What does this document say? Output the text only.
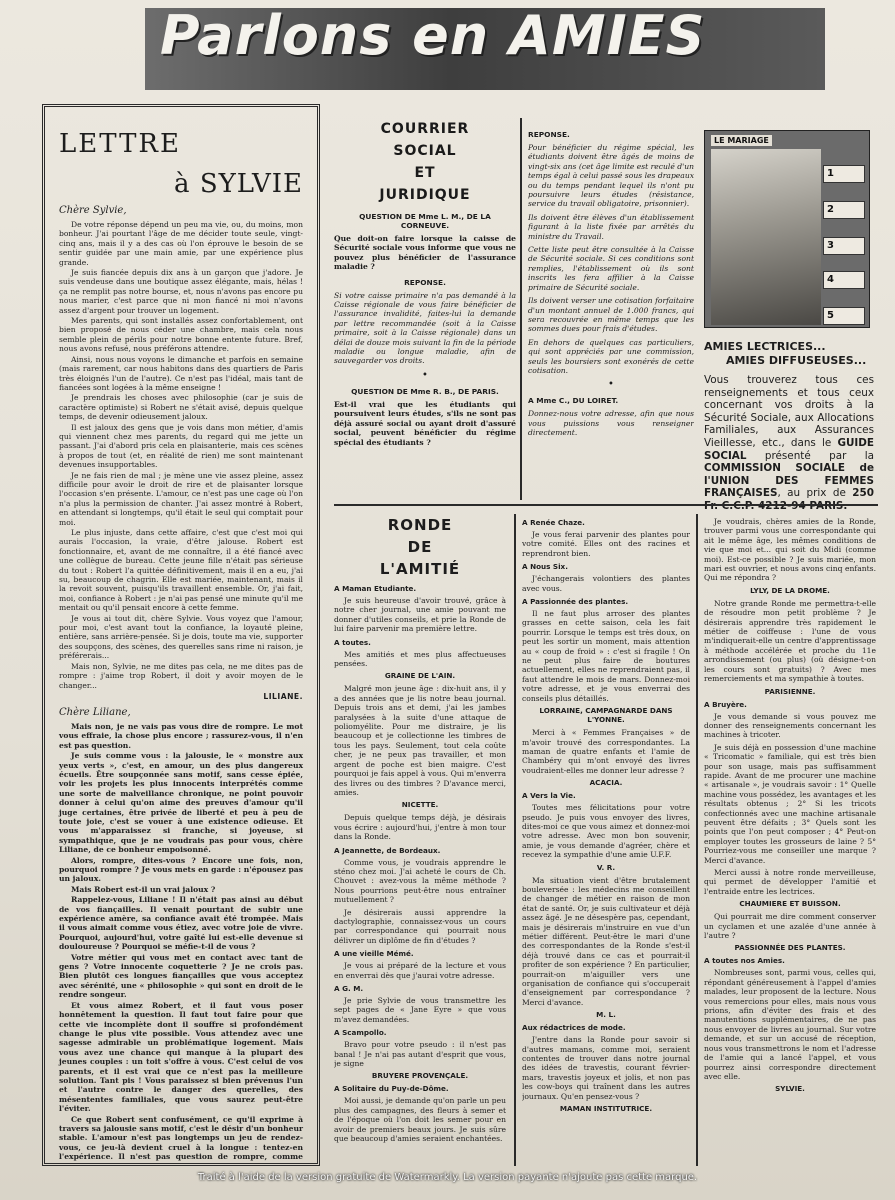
Parlons en AMIES
LETTRE
à SYLVIE
Chère Sylvie,

De votre réponse dépend un peu ma vie, ou, du moins, mon bonheur. J'ai pourtant l'âge de me décider toute seule, vingt-cinq ans, mais il y a des cas où l'on éprouve le besoin de se sentir guidée par une main amie, par une expérience plus grande.

Je suis fiancée depuis dix ans à un garçon que j'adore. Je suis vendeuse dans une boutique assez élégante, mais, hélas ! ça ne remplit pas notre bourse, et, nous n'avons pas encore pu nous marier, c'est parce que ni mon fiancé ni moi n'avons assez d'argent pour trouver un logement.

Mes parents, qui sont installés assez confortablement, ont bien proposé de nous céder une chambre, mais cela nous semble plein de périls pour notre bonne entente future. Bref, nous avons refusé, nous préférons attendre.

Ainsi, nous nous voyons le dimanche et parfois en semaine (mais rarement, car nous habitons dans des quartiers de Paris très éloignés l'un de l'autre). Ce n'est pas l'idéal, mais tant de fiancées sont logées à la même enseigne !

Je prendrais les choses avec philosophie (car je suis de caractère optimiste) si Robert ne s'était avisé, depuis quelque temps, de devenir odieusement jaloux.

Il est jaloux des gens que je vois dans mon métier, d'amis qui viennent chez mes parents, du regard qui me jette un passant. J'ai d'abord pris cela en plaisanterie, mais ces scènes à propos de tout (et, en réalité de rien) me sont maintenant devenues insupportables.

Je ne fais rien de mal ; je mène une vie assez pleine, assez difficile pour avoir le droit de rire et de plaisanter lorsque l'occasion s'en présente. L'amour, ce n'est pas une cage où l'on n'a plus la permission de chanter. J'ai assez montré à Robert, en attendant si longtemps, qu'il était le seul qui comptait pour moi.

Le plus injuste, dans cette affaire, c'est que c'est moi qui aurais l'occasion, la vraie, d'être jalouse. Robert est fonctionnaire, et, avant de me connaître, il a été fiancé avec une collègue de bureau. Cette jeune fille n'était pas sérieuse du tout : Robert l'a quittée définitivement, mais il en a eu, j'ai su, beaucoup de chagrin. Elle est mariée, maintenant, mais il la revoit souvent, puisqu'ils travaillent ensemble. Or, j'ai fait, moi, confiance à Robert : je n'ai pas pensé une minute qu'il me mentait ou qu'il pensait encore à cette femme.

Je vous ai tout dit, chère Sylvie. Vous voyez que l'amour, pour moi, c'est avant tout la confiance, la loyauté pleine, entière, sans arrière-pensée. Si je dois, toute ma vie, supporter des soupçons, des scènes, des querelles sans rime ni raison, je préférerais...

Mais non, Sylvie, ne me dites pas cela, ne me dites pas de rompre : j'aime trop Robert, il doit y avoir moyen de le changer...

LILIANE.
Chère Liliane,

Mais non, je ne vais pas vous dire de rompre. Le mot vous effraie, la chose plus encore ; rassurez-vous, il n'en est pas question.

Je suis comme vous : la jalousie, le « monstre aux yeux verts », c'est, en amour, un des plus dangereux écueils. Être soupçonnée sans motif, sans cesse épiée, voir les projets les plus innocents interprétés comme une sorte de malveillance chronique, ne point pouvoir donner à celui qu'on aime des preuves d'amour qu'il juge certaines, être privée de liberté et peu à peu de toute joie, c'est se vouer à une existence odieuse. Et vous m'apparaissez si franche, si joyeuse, si sympathique, que je ne voudrais pas pour vous, chère Liliane, de ce bonheur empoisonné.

Alors, rompre, dites-vous ? Encore une fois, non, pourquoi rompre ? Je vous mets en garde : n'épousez pas un jaloux.

Mais Robert est-il un vrai jaloux ?

Rappelez-vous, Liliane ! Il n'était pas ainsi au début de vos fiançailles. Il venait pourtant de subir une expérience amère, sa confiance avait été trompée. Mais il vous aimait comme vous étiez, avec votre joie de vivre. Pourquoi, aujourd'hui, votre gaîté lui est-elle devenue si douloureuse ? Pourquoi se méfie-t-il de vous ?

Votre métier qui vous met en contact avec tant de gens ? Votre innocente coquetterie ? Je ne crois pas. Bien plutôt ces longues fiançailles que vous acceptez avec sérénité, une « philosophie » qui sont en droit de le rendre songeur.

Et vous aimez Robert, et il faut vous poser honnêtement la question. Il faut tout faire pour que cette vie incomplète dont il souffre si profondément change le plus vite possible. Vous attendez avec une sagesse admirable un problématique logement. Mais vous avez une chance qui manque à la plupart des jeunes couples : un toit s'offre à vous. C'est celui de vos parents, et il est vrai que ce n'est pas la meilleure solution. Tant pis ! Vous paraissez si bien prévenus l'un et l'autre contre le danger des querelles, des mésententes familiales, que vous saurez peut-être l'éviter.

Ce que Robert sent confusément, ce qu'il exprime à travers sa jalousie sans motif, c'est le désir d'un bonheur stable. L'amour n'est pas longtemps un jeu de rendez-vous, ce jeu-là devient cruel à la longue : tentez-en l'expérience. Il n'est pas question de rompre, comme

COURRIER
SOCIAL
ET
JURIDIQUE
QUESTION DE Mme L. M., DE LA CORNEUVE.
Que doit-on faire lorsque la caisse de Sécurité sociale vous informe que vous ne pouvez plus bénéficier de l'assurance maladie ?
REPONSE.
Si votre caisse primaire n'a pas demandé à la Caisse régionale de vous faire bénéficier de l'assurance invalidité, faites-lui la demande par lettre recommandée (soit à la Caisse primaire, soit à la Caisse régionale) dans un délai de douze mois suivant la fin de la période maladie ou longue maladie, afin de sauvegarder vos droits.
•
QUESTION DE Mme R. B., DE PARIS.
Est-il vrai que les étudiants qui poursuivent leurs études, s'ils ne sont pas déjà assuré social ou ayant droit d'assuré social, peuvent bénéficier du régime spécial des étudiants ?
REPONSE.
Pour bénéficier du régime spécial, les étudiants doivent être âgés de moins de vingt-six ans (cet âge limite est reculé d'un temps égal à celui passé sous les drapeaux ou du temps pendant lequel ils n'ont pu poursuivre leurs études (résistance, service du travail obligatoire, prisonnier).
Ils doivent être élèves d'un établissement figurant à la liste fixée par arrêtés du ministre du Travail.
Cette liste peut être consultée à la Caisse de Sécurité sociale. Si ces conditions sont remplies, l'établissement où ils sont inscrits les fera affilier à la Caisse primaire de Sécurité sociale.
Ils doivent verser une cotisation forfaitaire d'un montant annuel de 1.000 francs, qui sera recouvrée en même temps que les sommes dues pour frais d'études.
En dehors de quelques cas particuliers, qui sont appréciés par une commission, seuls les boursiers sont exonérés de cette cotisation.
•
A Mme C., DU LOIRET.
Donnez-nous votre adresse, afin que nous vous puissions vous renseigner directement.
LE MARIAGE
1
2
3
4
5
AMIES LECTRICES...
AMIES DIFFUSEUSES...
Vous trouverez tous ces renseignements et tous ceux concernant vos droits à la Sécurité Sociale, aux Allocations Familiales, aux Assurances Vieillesse, etc., dans le GUIDE SOCIAL présenté par la COMMISSION SOCIALE de l'UNION DES FEMMES FRANÇAISES, au prix de 250
RONDE
DE
L'AMITIÉ
A Maman Etudiante.
Je suis heureuse d'avoir trouvé, grâce à notre cher journal, une amie pouvant me donner d'utiles conseils, et prie la Ronde de lui faire parvenir ma première lettre.
A toutes.
Mes amitiés et mes plus affectueuses pensées.
GRAINE DE L'AIN.
Malgré mon jeune âge : dix-huit ans, il y a des années que je lis notre beau journal. Depuis trois ans et demi, j'ai les jambes paralysées à la suite d'une attaque de poliomyélite. Pour me distraire, je lis beaucoup et je collectionne les timbres de tous les pays. Seulement, tout cela coûte cher, je ne peux pas travailler, et mon argent de poche est bien maigre. C'est pourquoi je fais appel à vous. Qui m'enverra des livres ou des timbres ? D'avance merci, amies.
NICETTE.
Depuis quelque temps déjà, je désirais vous écrire : aujourd'hui, j'entre à mon tour dans la Ronde.
A Jeannette, de Bordeaux.
Comme vous, je voudrais apprendre le sténo chez moi. J'ai acheté le cours de Ch. Chouvet : avez-vous la même méthode ? Nous pourrions peut-être nous entraîner mutuellement ?
Je désirerais aussi apprendre la dactylographie, connaissez-vous un cours par correspondance qui pourrait nous délivrer un diplôme de fin d'études ?
A une vieille Mémé.
Je vous ai préparé de la lecture et vous en enverrai dès que j'aurai votre adresse.
A G. M.
Je prie Sylvie de vous transmettre les sept pages de « Jane Eyre » que vous m'avez demandées.
A Scampollo.
Bravo pour votre pseudo : il n'est pas banal ! Je n'ai pas autant d'esprit que vous, je signe
BRUYERE PROVENÇALE.
A Solitaire du Puy-de-Dôme.
Moi aussi, je demande qu'on parle un peu plus des campagnes, des fleurs à semer et de l'époque où l'on doit les semer pour en avoir de premiers beaux jours. Je suis sûre que beaucoup d'amies seraient enchantées.
A Renée Chaze.
Je vous ferai parvenir des plantes pour votre comité. Elles ont des racines et reprendront bien.
A Nous Six.
J'échangerais volontiers des plantes avec vous.
A Passionnée des plantes.
Il ne faut plus arroser des plantes grasses en cette saison, cela les fait pourrir. Lorsque le temps est très doux, on peut les sortir un moment, mais attention au « coup de froid » : c'est si fragile ! On ne peut plus faire de boutures actuellement, elles ne reprendraient pas, il faut attendre le mois de mars. Donnez-moi votre adresse, et je vous enverrai des conseils plus détaillés.
LORRAINE, CAMPAGNARDE DANS L'YONNE.
Merci à « Femmes Françaises » de m'avoir trouvé des correspondantes. La maman de quatre enfants et l'amie de Chambéry qui m'ont envoyé des livres voudraient-elles me donner leur adresse ?
ACACIA.
A Vers la Vie.
Toutes mes félicitations pour votre pseudo. Je puis vous envoyer des livres, dites-moi ce que vous aimez et donnez-moi votre adresse. Avec mon bon souvenir, amie, je vous demande d'agréer, chère et recevez la sympathie d'une amie U.F.F.
V. R.
Ma situation vient d'être brutalement bouleversée : les médecins me conseillent de changer de métier en raison de mon état de santé. Or, je suis cultivateur et déjà assez âgé. Je ne désespère pas, cependant, mais je désirerais m'instruire en vue d'un métier différent. Peut-être le mari d'une des correspondantes de la Ronde s'est-il déjà trouvé dans ce cas et pourrait-il profiter de son expérience ? En particulier, pourrait-on m'aiguiller vers une organisation de confiance qui s'occuperait d'enseignement par correspondance ? Merci d'avance.
M. L.
Aux rédactrices de mode.
J'entre dans la Ronde pour savoir si d'autres mamans, comme moi, seraient contentes de trouver dans notre journal des idées de travestis, courant février-mars, travestis joyeux et jolis, et non pas les cow-boys qui traînent dans les autres journaux. Qu'en pensez-vous ?
MAMAN INSTITUTRICE.
Je voudrais, chères amies de la Ronde, trouver parmi vous une correspondante qui ait le même âge, les mêmes conditions de vie que moi et... qui soit du Midi (comme moi). Est-ce possible ? Je suis mariée, mon mari est ouvrier, et nous avons cinq enfants. Qui me répondra ?
LYLY, DE LA DROME.
Notre grande Ronde me permettra-t-elle de résoudre mon petit problème ? Je désirerais apprendre très rapidement le métier de coiffeuse : l'une de vous m'indiquerait-elle un centre d'apprentissage à méthode accélérée et proche du 11e arrondissement (ou plus) (où désigne-t-on les cours sont gratuits) ? Avec mes remerciements et ma sympathie à toutes.
PARISIENNE.
A Bruyère.
Je vous demande si vous pouvez me donner des renseignements concernant les machines à tricoter.
Je suis déjà en possession d'une machine « Tricomatic » familiale, qui est très bien pour son usage, mais pas suffisamment rapide. Avant de me procurer une machine « artisanale », je voudrais savoir : 1° Quelle machine vous possédez, les avantages et les résultats obtenus ; 2° Si les tricots confectionnés avec une machine artisanale peuvent être défaits ; 3° Quels sont les points que l'on peut composer ; 4° Peut-on employer toutes les grosseurs de laine ? 5° Pourriez-vous me conseiller une marque ? Merci d'avance.
Merci aussi à notre ronde merveilleuse, qui permet de développer l'amitié et l'entraide entre les lectrices.
CHAUMIERE ET BUISSON.
Qui pourrait me dire comment conserver un cyclamen et une azalée d'une année à l'autre ?
PASSIONNÉE DES PLANTES.
A toutes nos Amies.
Nombreuses sont, parmi vous, celles qui, répondant généreusement à l'appel d'amies malades, leur proposent de la lecture. Nous vous remercions pour elles, mais nous vous prions, afin d'éviter des frais et des manutentions supplémentaires, de ne pas nous envoyer de livres au journal. Sur votre demande, et sur un accusé de réception, nous vous transmettrons le nom et l'adresse de l'amie qui a lancé l'appel, et vous pourrez ainsi correspondre directement avec elle.
SYLVIE.
Traité à l'aide de la version gratuite de Watermarkly. La version payante n'ajoute pas cette marque.
